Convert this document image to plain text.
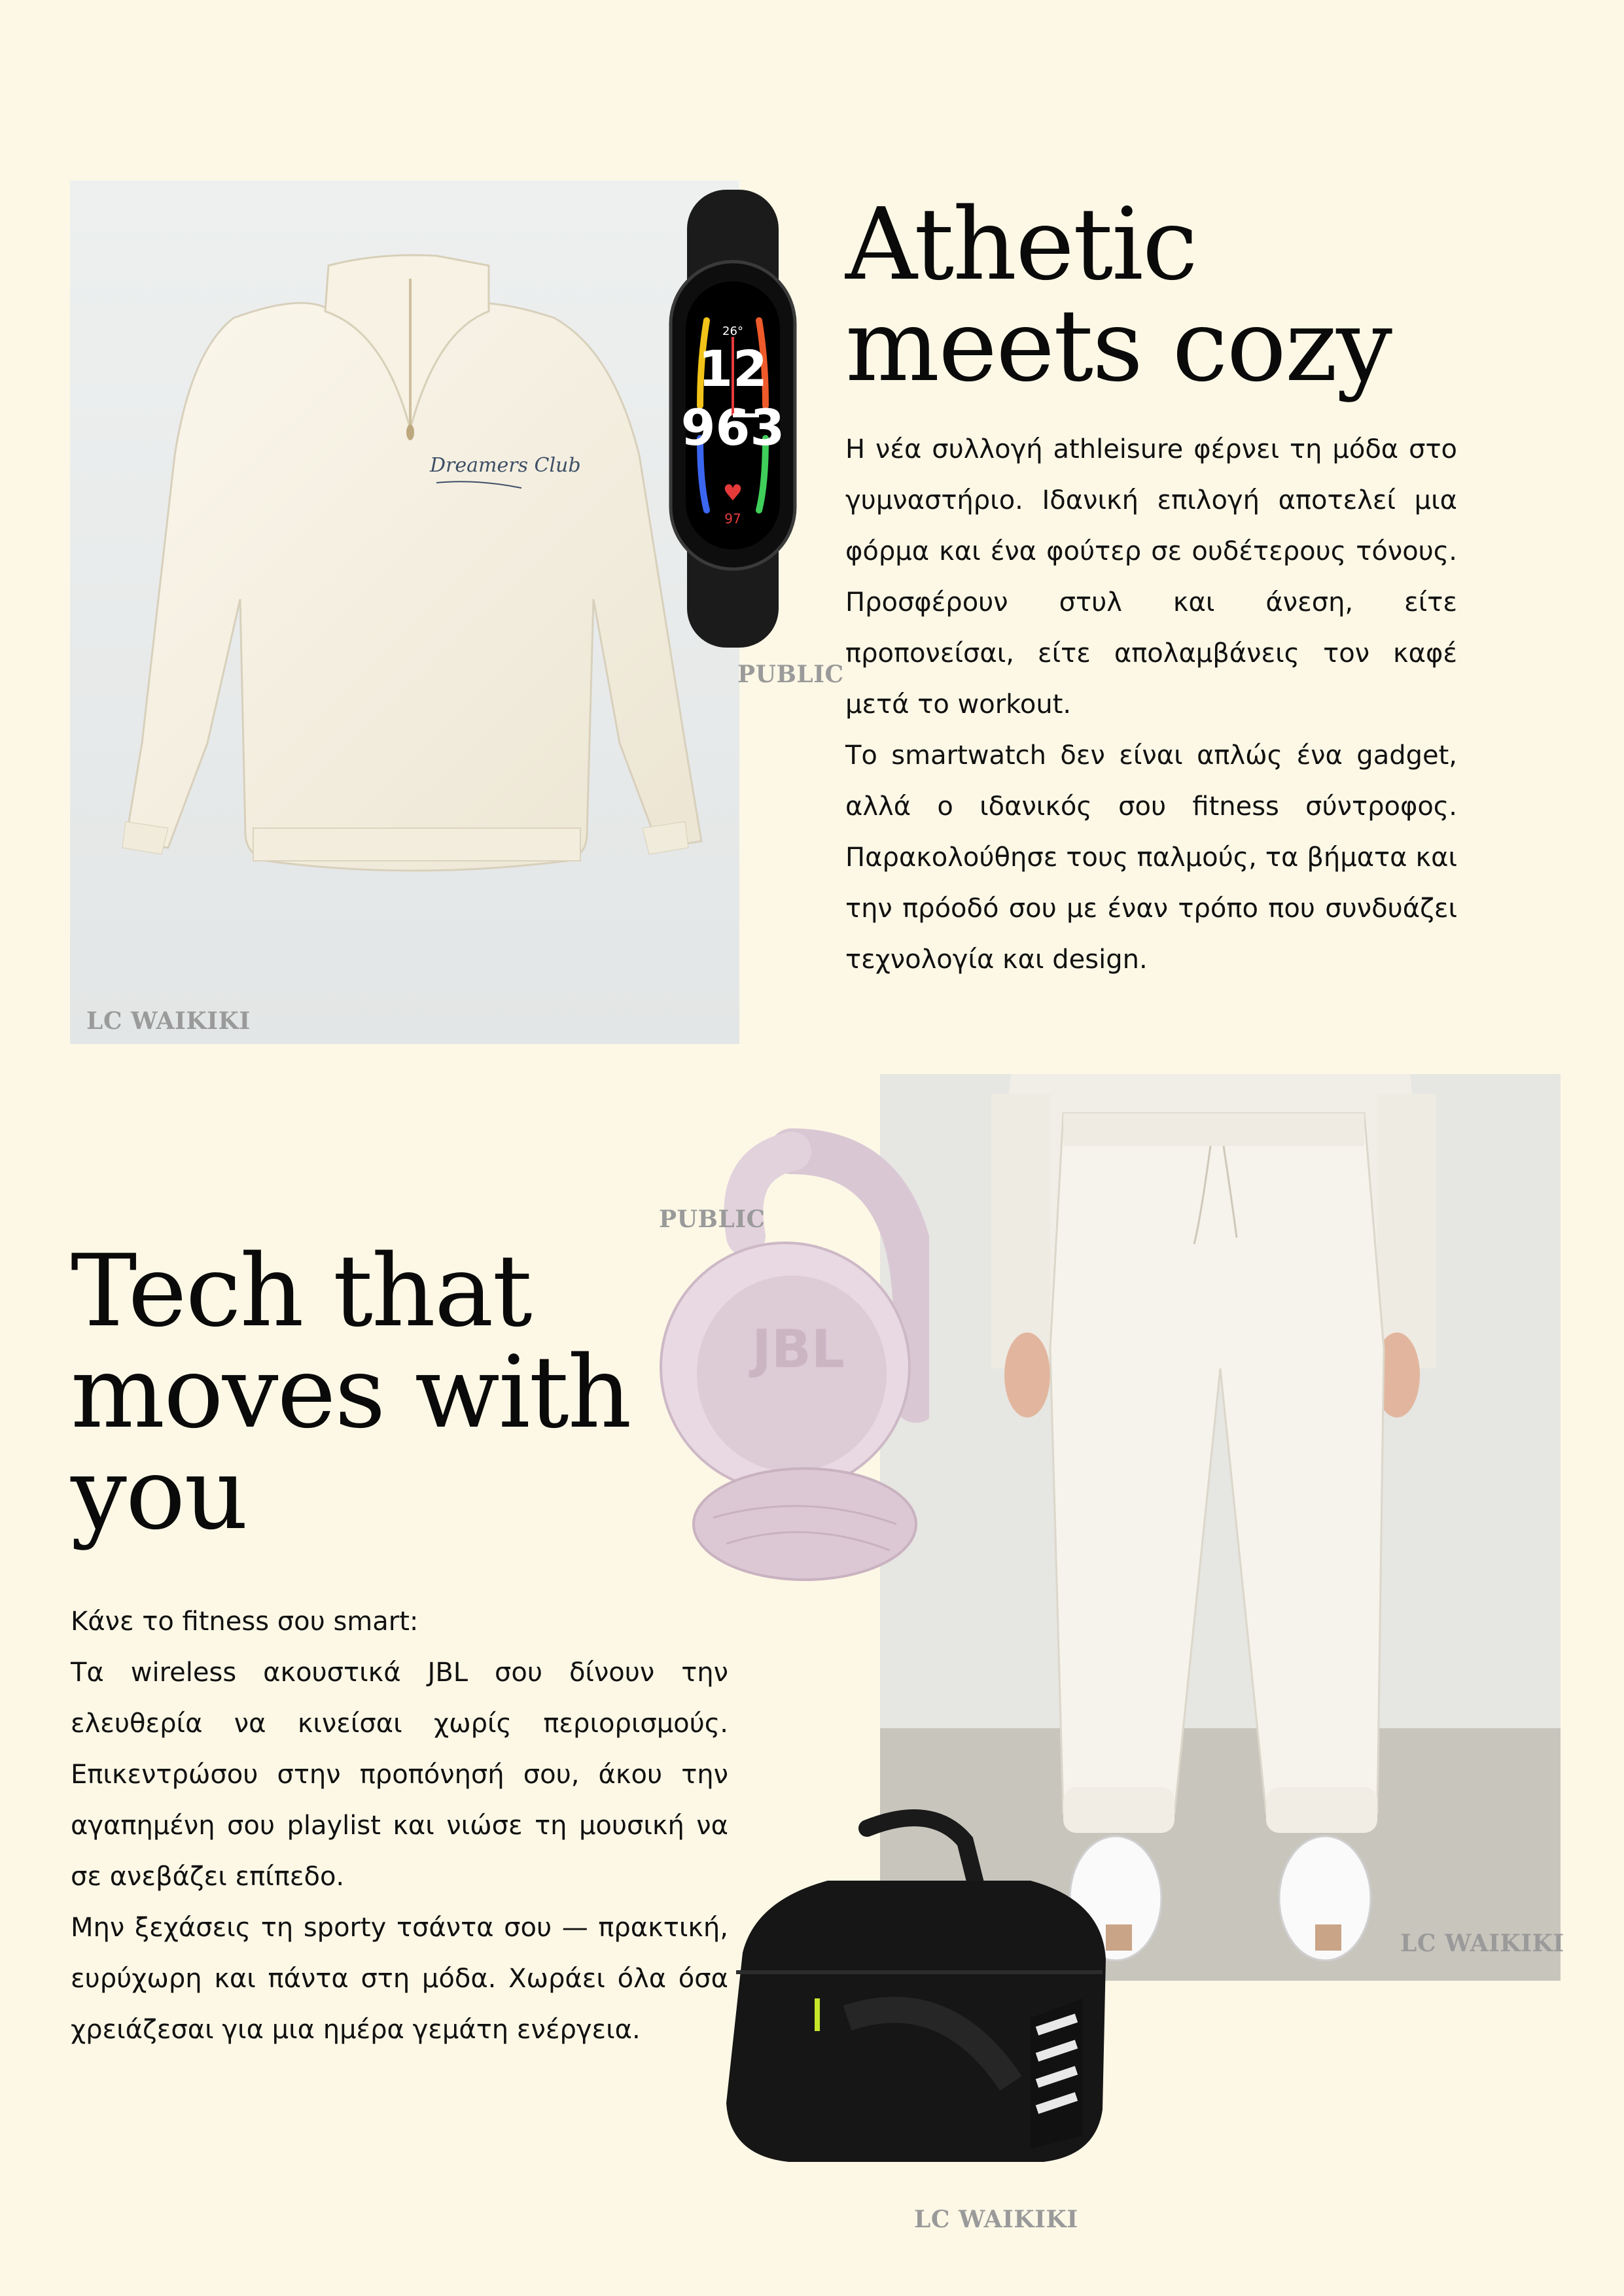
Dreamers Club
LC WAIKIKI
26°
12
963
♥
97
PUBLIC
Athetic
meets cozy

Η νέα συλλογή athleisure φέρνει τη μόδα στο γυμναστήριο. Ιδανική επιλογή αποτελεί μια φόρμα και ένα φούτερ σε ουδέτερους τόνους. Προσφέρουν στυλ και άνεση, είτε προπονείσαι, είτε απολαμβάνεις τον καφέ μετά το workout.

Το smartwatch δεν είναι απλώς ένα gadget, αλλά ο ιδανικός σου fitness σύντροφος. Παρακολούθησε τους παλμούς, τα βήματα και την πρόοδό σου με έναν τρόπο που συνδυάζει τεχνολογία και design.

LC WAIKIKI
JBL
PUBLIC
Tech that
moves with
you

Κάνε το fitness σου smart:

Τα wireless ακουστικά JBL σου δίνουν την ελευθερία να κινείσαι χωρίς περιορισμούς. Επικεντρώσου στην προπόνησή σου, άκου την αγαπημένη σου playlist και νιώσε τη μουσική να σε ανεβάζει επίπεδο.

Μην ξεχάσεις τη sporty τσάντα σου — πρακτική, ευρύχωρη και πάντα στη μόδα. Χωράει όλα όσα χρειάζεσαι για μια ημέρα γεμάτη ενέργεια.

LC WAIKIKI
